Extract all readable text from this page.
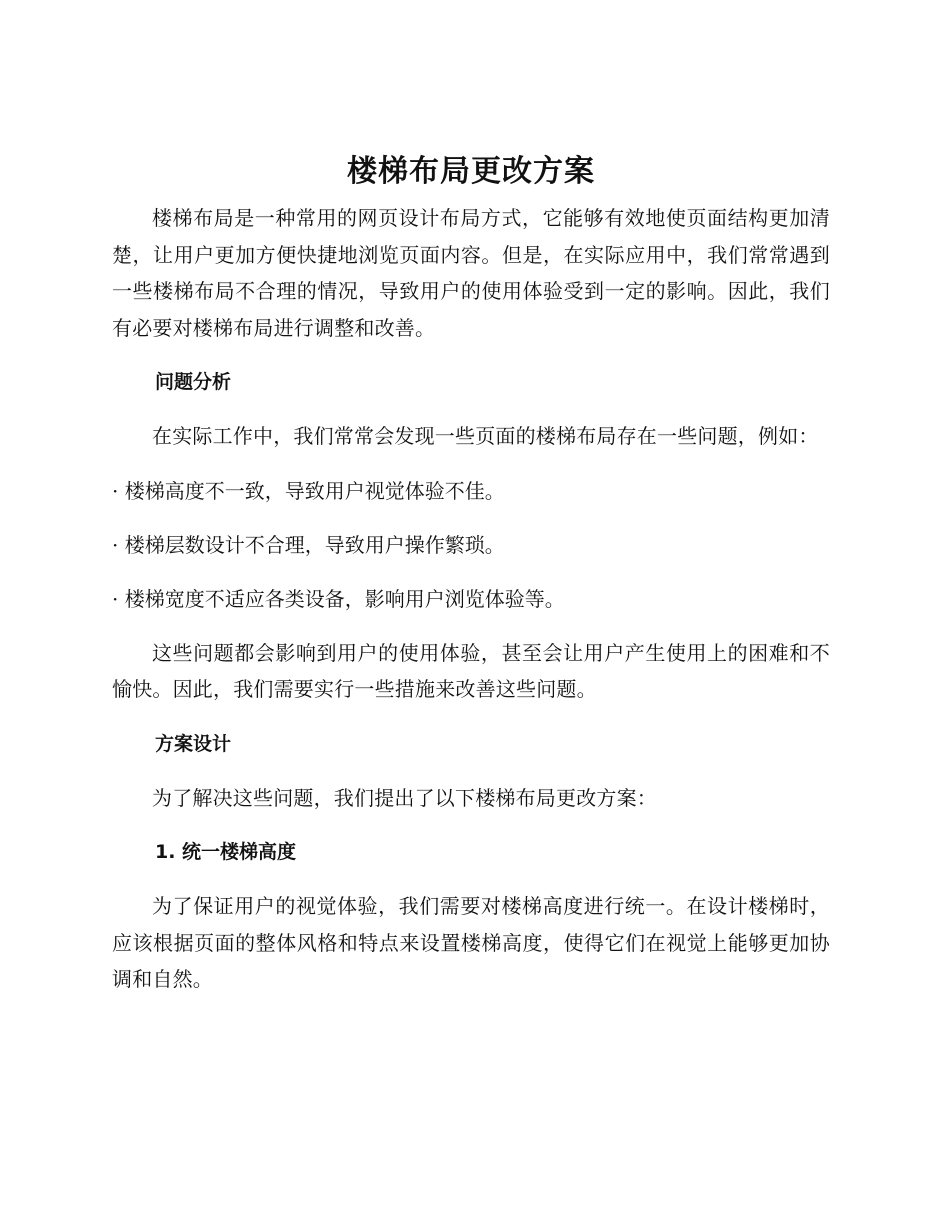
楼梯布局更改方案

楼梯布局是一种常用的网页设计布局方式，它能够有效地使页面结构更加清楚，让用户更加方便快捷地浏览页面内容。但是，在实际应用中，我们常常遇到一些楼梯布局不合理的情况，导致用户的使用体验受到一定的影响。因此，我们有必要对楼梯布局进行调整和改善。

问题分析

在实际工作中，我们常常会发现一些页面的楼梯布局存在一些问题，例如：

· 楼梯高度不一致，导致用户视觉体验不佳。

· 楼梯层数设计不合理，导致用户操作繁琐。

· 楼梯宽度不适应各类设备，影响用户浏览体验等。

这些问题都会影响到用户的使用体验，甚至会让用户产生使用上的困难和不愉快。因此，我们需要实行一些措施来改善这些问题。

方案设计

为了解决这些问题，我们提出了以下楼梯布局更改方案：

1. 统一楼梯高度

为了保证用户的视觉体验，我们需要对楼梯高度进行统一。在设计楼梯时，应该根据页面的整体风格和特点来设置楼梯高度，使得它们在视觉上能够更加协调和自然。
